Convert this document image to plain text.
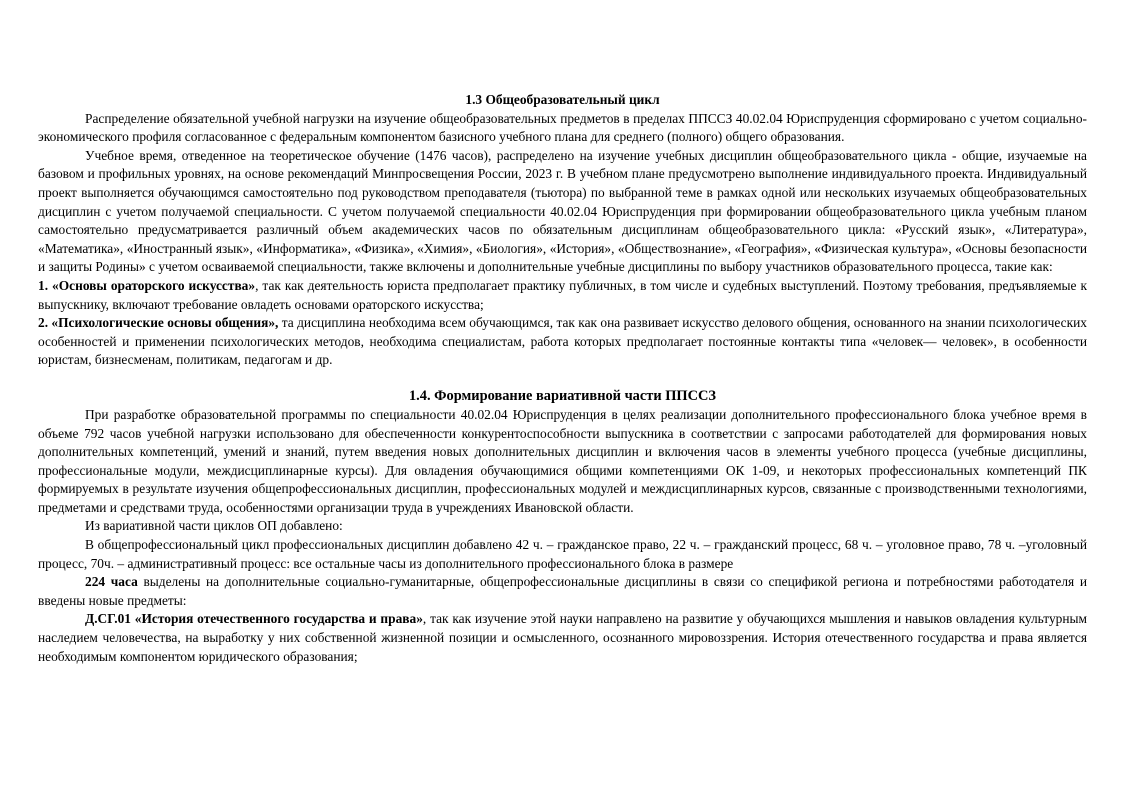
1.3 Общеобразовательный цикл

Распределение обязательной учебной нагрузки на изучение общеобразовательных предметов в пределах ППССЗ 40.02.04 Юриспруденция сформировано с учетом социально-экономического профиля согласованное с федеральным компонентом базисного учебного плана для среднего (полного) общего образования.

Учебное время, отведенное на теоретическое обучение (1476 часов), распределено на изучение учебных дисциплин общеобразовательного цикла - общие, изучаемые на базовом и профильных уровнях, на основе рекомендаций Минпросвещения России, 2023 г. В учебном плане предусмотрено выполнение индивидуального проекта. Индивидуальный проект выполняется обучающимся самостоятельно под руководством преподавателя (тьютора) по выбранной теме в рамках одной или нескольких изучаемых общеобразовательных дисциплин с учетом получаемой специальности. С учетом получаемой специальности 40.02.04 Юриспруденция при формировании общеобразовательного цикла учебным планом самостоятельно предусматривается различный объем академических часов по обязательным дисциплинам общеобразовательного цикла: «Русский язык», «Литература», «Математика», «Иностранный язык», «Информатика», «Физика», «Химия», «Биология», «История», «Обществознание», «География», «Физическая культура», «Основы безопасности и защиты Родины» с учетом осваиваемой специальности, также включены и дополнительные учебные дисциплины по выбору участников образовательного процесса, такие как:

1. «Основы ораторского искусства», так как деятельность юриста предполагает практику публичных, в том числе и судебных выступлений. Поэтому требования, предъявляемые к выпускнику, включают требование овладеть основами ораторского искусства;

2. «Психологические основы общения», та дисциплина необходима всем обучающимся, так как она развивает искусство делового общения, основанного на знании психологических особенностей и применении психологических методов, необходима специалистам, работа которых предполагает постоянные контакты типа «человек— человек», в особенности юристам, бизнесменам, политикам, педагогам и др.

1.4. Формирование вариативной части ППССЗ

При разработке образовательной программы по специальности 40.02.04 Юриспруденция в целях реализации дополнительного профессионального блока учебное время в объеме 792 часов учебной нагрузки использовано для обеспеченности конкурентоспособности выпускника в соответствии с запросами работодателей для формирования новых дополнительных компетенций, умений и знаний, путем введения новых дополнительных дисциплин и включения часов в элементы учебного процесса (учебные дисциплины, профессиональные модули, междисциплинарные курсы). Для овладения обучающимися общими компетенциями ОК 1-09, и некоторых профессиональных компетенций ПК формируемых в результате изучения общепрофессиональных дисциплин, профессиональных модулей и междисциплинарных курсов, связанные с производственными технологиями, предметами и средствами труда, особенностями организации труда в учреждениях Ивановской области.

Из вариативной части циклов ОП добавлено:

В общепрофессиональный цикл профессиональных дисциплин добавлено 42 ч. – гражданское право, 22 ч. – гражданский процесс, 68 ч. – уголовное право, 78 ч. –уголовный процесс, 70ч. – административный процесс: все остальные часы из дополнительного профессионального блока в размере

224 часа выделены на дополнительные социально-гуманитарные, общепрофессиональные дисциплины в связи со спецификой региона и потребностями работодателя и введены новые предметы:

Д.СГ.01 «История отечественного государства и права», так как изучение этой науки направлено на развитие у обучающихся мышления и навыков овладения культурным наследием человечества, на выработку у них собственной жизненной позиции и осмысленного, осознанного мировоззрения. История отечественного государства и права является необходимым компонентом юридического образования;
